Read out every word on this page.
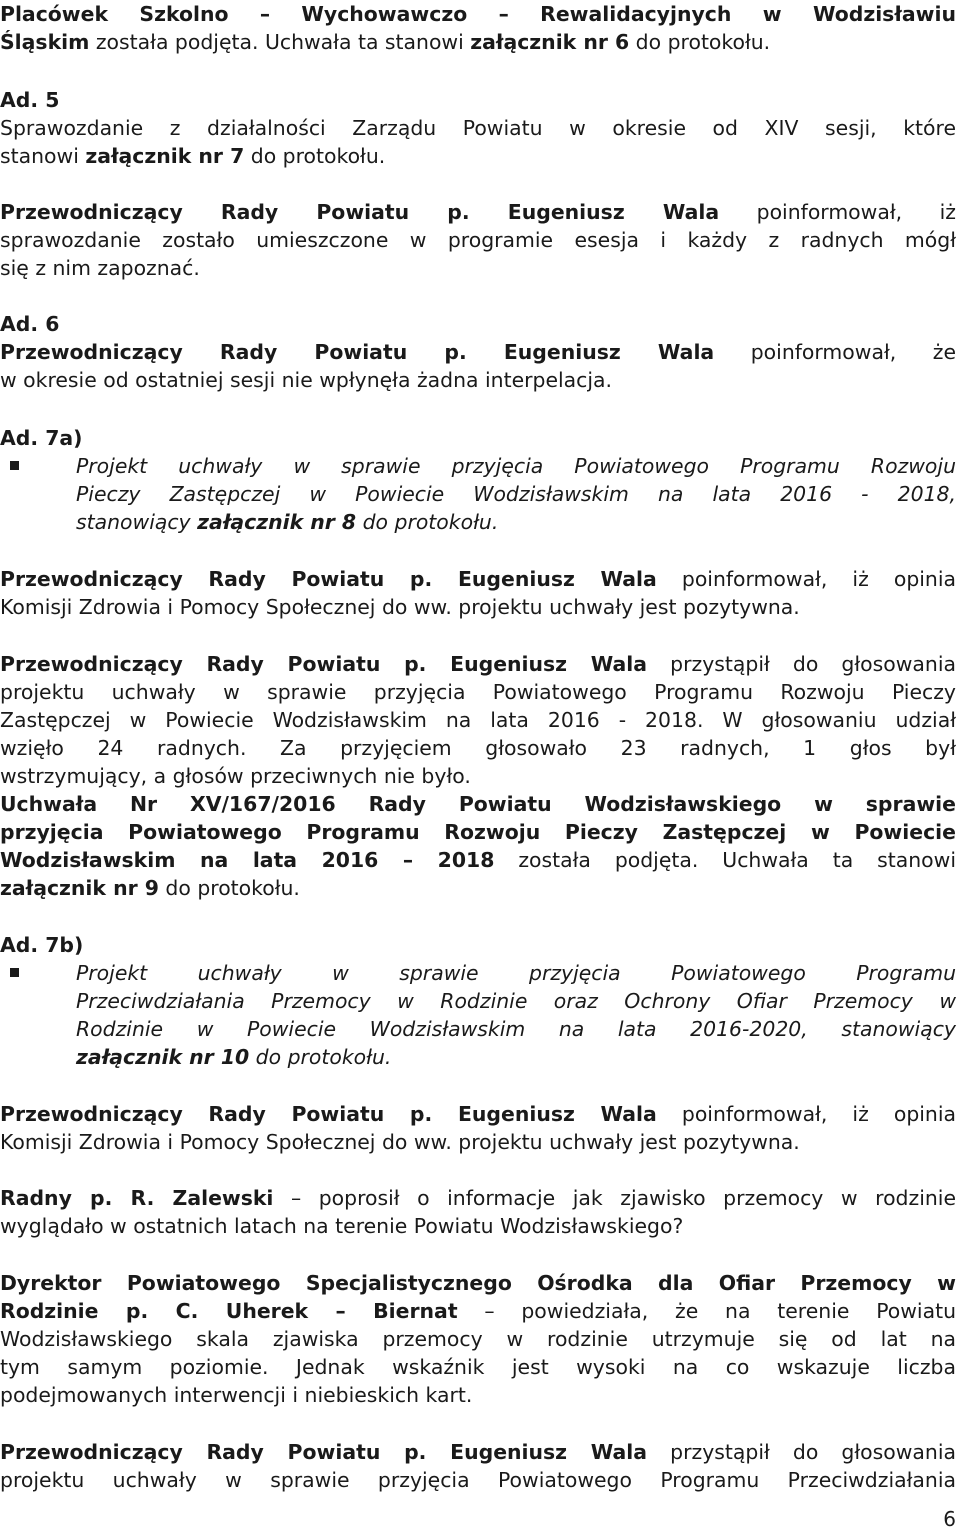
Placówek Szkolno – Wychowawczo – Rewalidacyjnych w Wodzisławiu

Śląskim została podjęta. Uchwała ta stanowi załącznik nr 6 do protokołu.

Ad. 5

Sprawozdanie z działalności Zarządu Powiatu w okresie od XIV sesji, które

stanowi załącznik nr 7 do protokołu.

Przewodniczący Rady Powiatu p. Eugeniusz Wala poinformował, iż

sprawozdanie zostało umieszczone w programie esesja i każdy z radnych mógł

się z nim zapoznać.

Ad. 6

Przewodniczący Rady Powiatu p. Eugeniusz Wala poinformował, że

w okresie od ostatniej sesji nie wpłynęła żadna interpelacja.

Ad. 7a)

Projekt uchwały w sprawie przyjęcia Powiatowego Programu Rozwoju

Pieczy Zastępczej w Powiecie Wodzisławskim na lata 2016 - 2018,

stanowiący załącznik nr 8 do protokołu.

Przewodniczący Rady Powiatu p. Eugeniusz Wala poinformował, iż opinia

Komisji Zdrowia i Pomocy Społecznej do ww. projektu uchwały jest pozytywna.

Przewodniczący Rady Powiatu p. Eugeniusz Wala przystąpił do głosowania

projektu uchwały w sprawie przyjęcia Powiatowego Programu Rozwoju Pieczy

Zastępczej w Powiecie Wodzisławskim na lata 2016 - 2018. W głosowaniu udział

wzięło 24 radnych. Za przyjęciem głosowało 23 radnych, 1 głos był

wstrzymujący, a głosów przeciwnych nie było.

Uchwała Nr XV/167/2016 Rady Powiatu Wodzisławskiego w sprawie

przyjęcia Powiatowego Programu Rozwoju Pieczy Zastępczej w Powiecie

Wodzisławskim na lata 2016 – 2018 została podjęta. Uchwała ta stanowi

załącznik nr 9 do protokołu.

Ad. 7b)

Projekt uchwały w sprawie przyjęcia Powiatowego Programu

Przeciwdziałania Przemocy w Rodzinie oraz Ochrony Ofiar Przemocy w

Rodzinie w Powiecie Wodzisławskim na lata 2016-2020, stanowiący

załącznik nr 10 do protokołu.

Przewodniczący Rady Powiatu p. Eugeniusz Wala poinformował, iż opinia

Komisji Zdrowia i Pomocy Społecznej do ww. projektu uchwały jest pozytywna.

Radny p. R. Zalewski – poprosił o informacje jak zjawisko przemocy w rodzinie

wyglądało w ostatnich latach na terenie Powiatu Wodzisławskiego?

Dyrektor Powiatowego Specjalistycznego Ośrodka dla Ofiar Przemocy w

Rodzinie p. C. Uherek – Biernat – powiedziała, że na terenie Powiatu

Wodzisławskiego skala zjawiska przemocy w rodzinie utrzymuje się od lat na

tym samym poziomie. Jednak wskaźnik jest wysoki na co wskazuje liczba

podejmowanych interwencji i niebieskich kart.

Przewodniczący Rady Powiatu p. Eugeniusz Wala przystąpił do głosowania

projektu uchwały w sprawie przyjęcia Powiatowego Programu Przeciwdziałania

6
